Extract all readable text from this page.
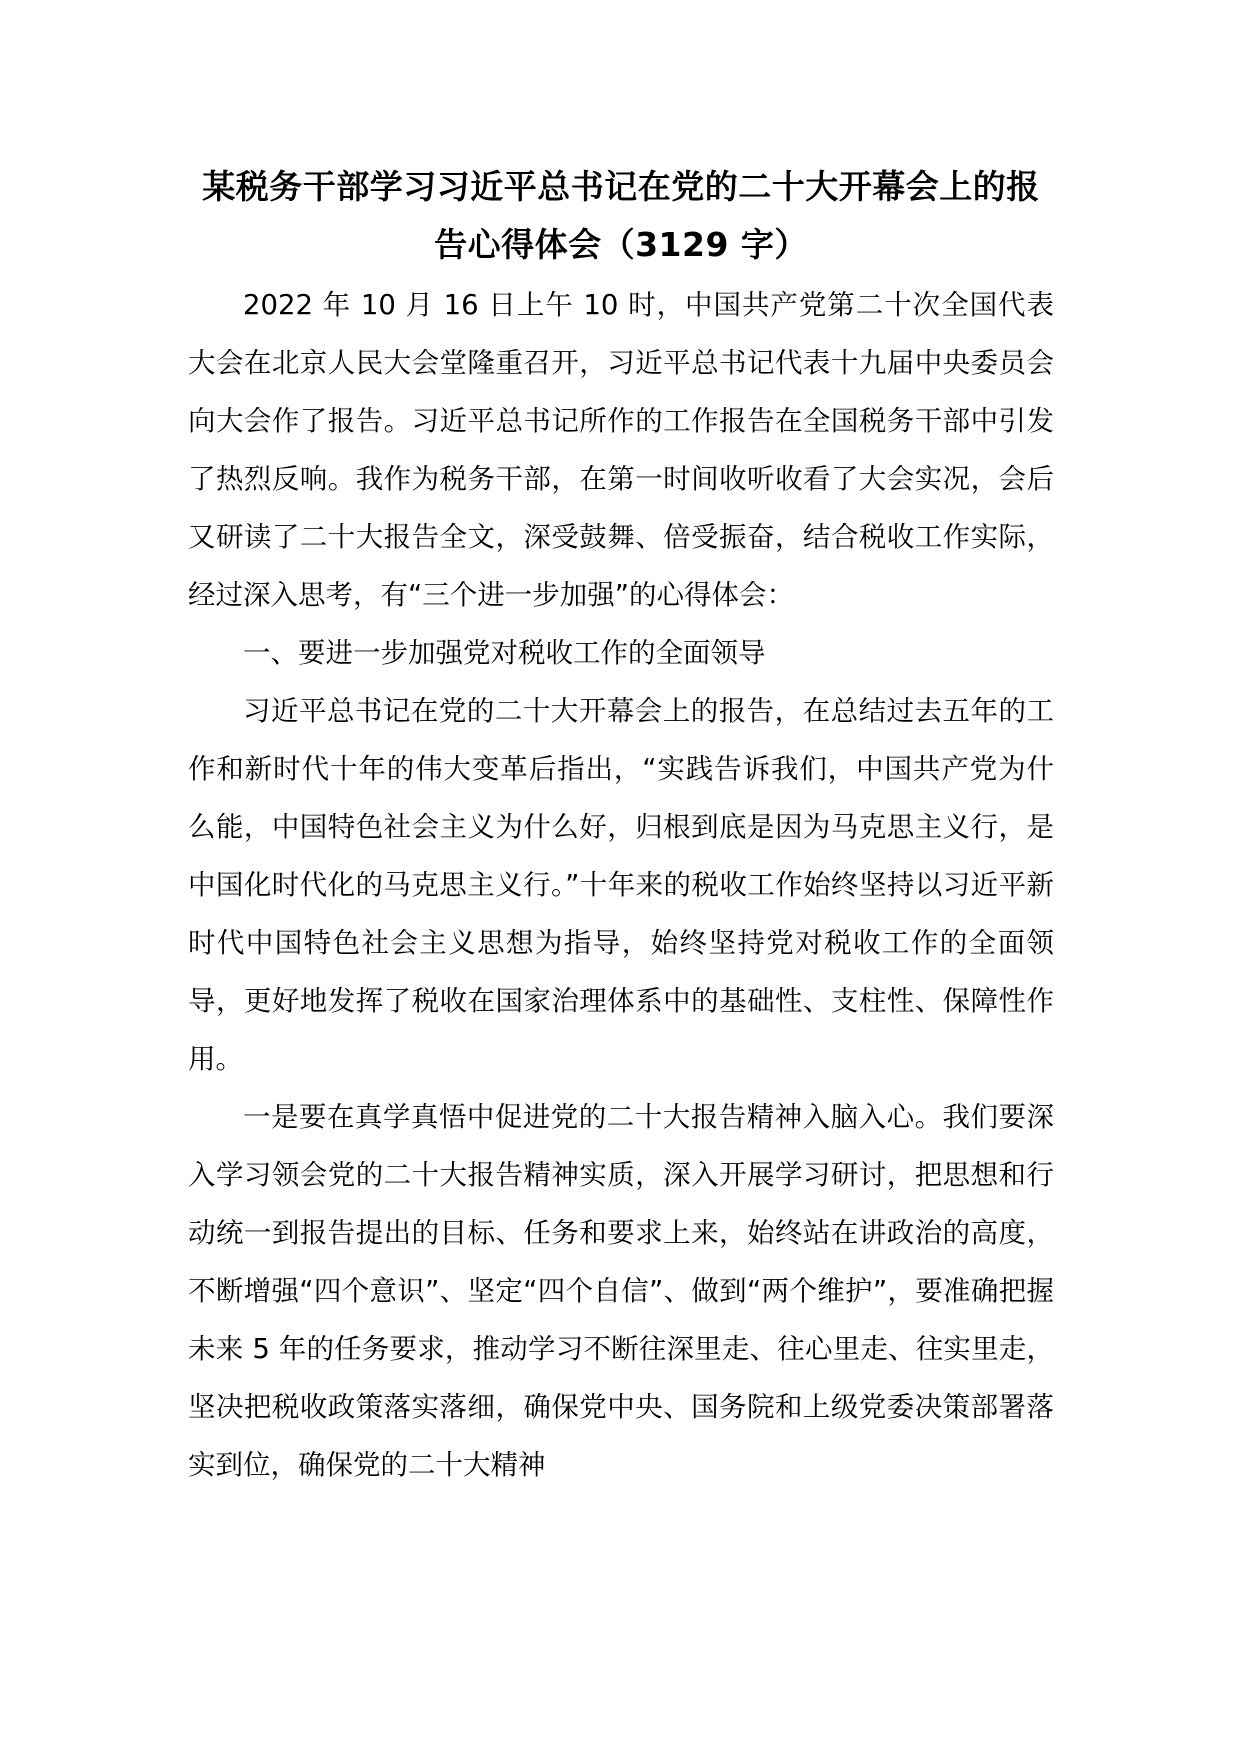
某税务干部学习习近平总书记在党的二十大开幕会上的报
告心得体会（3129 字）

2022 年 10 月 16 日上午 10 时，中国共产党第二十次全国代表大会在北京人民大会堂隆重召开，习近平总书记代表十九届中央委员会向大会作了报告。习近平总书记所作的工作报告在全国税务干部中引发了热烈反响。我作为税务干部，在第一时间收听收看了大会实况，会后又研读了二十大报告全文，深受鼓舞、倍受振奋，结合税收工作实际，经过深入思考，有“三个进一步加强”的心得体会：

一、要进一步加强党对税收工作的全面领导

习近平总书记在党的二十大开幕会上的报告，在总结过去五年的工作和新时代十年的伟大变革后指出，“实践告诉我们，中国共产党为什么能，中国特色社会主义为什么好，归根到底是因为马克思主义行，是中国化时代化的马克思主义行。”十年来的税收工作始终坚持以习近平新时代中国特色社会主义思想为指导，始终坚持党对税收工作的全面领导，更好地发挥了税收在国家治理体系中的基础性、支柱性、保障性作用。

一是要在真学真悟中促进党的二十大报告精神入脑入心。我们要深入学习领会党的二十大报告精神实质，深入开展学习研讨，把思想和行动统一到报告提出的目标、任务和要求上来，始终站在讲政治的高度，不断增强“四个意识”、坚定“四个自信”、做到“两个维护”，要准确把握未来 5 年的任务要求，推动学习不断往深里走、往心里走、往实里走，坚决把税收政策落实落细，确保党中央、国务院和上级党委决策部署落实到位，确保党的二十大精神
